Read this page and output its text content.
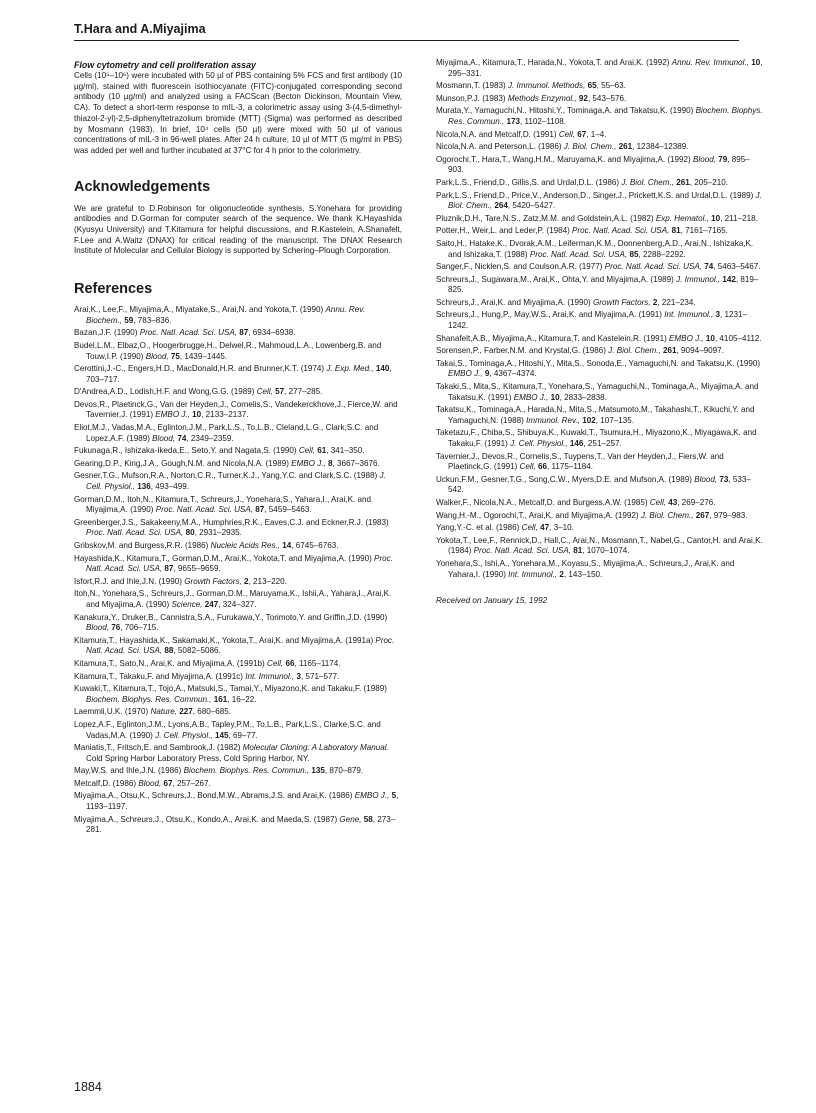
T.Hara and A.Miyajima
Flow cytometry and cell proliferation assay

Cells (10⁵–10⁶) were incubated with 50 µl of PBS containing 5% FCS and first antibody (10 µg/ml), stained with fluorescein isothiocyanate (FITC)-conjugated corresponding second antibody (10 µg/ml) and analyzed using a FACScan (Becton Dickinson, Mountain View, CA). To detect a short-term response to mIL-3, a colorimetric assay using 3-(4,5-dimethyl-thiazol-2-yl)-2,5-diphenyltetrazolium bromide (MTT) (Sigma) was performed as described by Mosmann (1983). In brief, 10⁴ cells (50 µl) were mixed with 50 µl of various concentrations of mIL-3 in 96-well plates. After 24 h culture, 10 µl of MTT (5 mg/ml in PBS) was added per well and further incubated at 37°C for 4 h prior to the colorimetry.

Acknowledgements

We are grateful to D.Robinson for oligonucleotide synthesis, S.Yonehara for providing antibodies and D.Gorman for computer search of the sequence. We thank K.Hayashida (Kyusyu University) and T.Kitamura for helpful discussions, and R.Kastelein, A.Shanafelt, F.Lee and A.Waitz (DNAX) for critical reading of the manuscript. The DNAX Research Institute of Molecular and Cellular Biology is supported by Schering–Plough Corporation.

References
Arai,K., Lee,F., Miyajima,A., Miyatake,S., Arai,N. and Yokota,T. (1990) Annu. Rev. Biochem., 59, 783–836.
Bazan,J.F. (1990) Proc. Natl. Acad. Sci. USA, 87, 6934–6938.
Budel,L.M., Elbaz,O., Hoogerbrugge,H., Delwel,R., Mahmoud,L.A., Lowenberg,B. and Touw,I.P. (1990) Blood, 75, 1439–1445.
Cerottini,J.-C., Engers,H.D., MacDonald,H.R. and Brunner,K.T. (1974) J. Exp. Med., 140, 703–717.
D'Andrea,A.D., Lodish,H.F. and Wong,G.G. (1989) Cell, 57, 277–285.
Devos,R., Plaetinck,G., Van der Heyden,J., Cornelis,S., Vandekerckhove,J., Fierce,W. and Tavernier,J. (1991) EMBO J., 10, 2133–2137.
Eliot,M.J., Vadas,M.A., Eglinton,J.M., Park,L.S., To,L.B., Cleland,L.G., Clark,S.C. and Lopez,A.F. (1989) Blood, 74, 2349–2359.
Fukunaga,R., Ishizaka-Ikeda,E., Seto,Y. and Nagata,S. (1990) Cell, 61, 341–350.
Gearing,D.P., King,J.A., Gough,N.M. and Nicola,N.A. (1989) EMBO J., 8, 3667–3676.
Gesner,T.G., Mufson,R.A., Norton,C.R., Turner,K.J., Yang,Y.C. and Clark,S.C. (1988) J. Cell. Physiol., 136, 493–499.
Gorman,D.M., Itoh,N., Kitamura,T., Schreurs,J., Yonehara,S., Yahara,I., Arai,K. and Miyajima,A. (1990) Proc. Natl. Acad. Sci. USA, 87, 5459–5463.
Greenberger,J.S., Sakakeeny,M.A., Humphries,R.K., Eaves,C.J. and Eckner,R.J. (1983) Proc. Natl. Acad. Sci. USA, 80, 2931–2935.
Gribskov,M. and Burgess,R.R. (1986) Nucleic Acids Res., 14, 6745–6763.
Hayashida,K., Kitamura,T., Gorman,D.M., Arai,K., Yokota,T. and Miyajima,A. (1990) Proc. Natl. Acad. Sci. USA, 87, 9655–9659.
Isfort,R.J. and Ihle,J.N. (1990) Growth Factors, 2, 213–220.
Itoh,N., Yonehara,S., Schreurs,J., Gorman,D.M., Maruyama,K., Ishii,A., Yahara,I., Arai,K. and Miyajima,A. (1990) Science, 247, 324–327.
Kanakura,Y., Druker,B., Cannistra,S.A., Furukawa,Y., Torimoto,Y. and Griffin,J.D. (1990) Blood, 76, 706–715.
Kitamura,T., Hayashida,K., Sakamaki,K., Yokota,T., Arai,K. and Miyajima,A. (1991a) Proc. Natl. Acad. Sci. USA, 88, 5082–5086.
Kitamura,T., Sato,N., Arai,K. and Miyajima,A. (1991b) Cell, 66, 1165–1174.
Kitamura,T., Takaku,F. and Miyajima,A. (1991c) Int. Immunol., 3, 571–577.
Kuwaki,T., Kitamura,T., Tojo,A., Matsuki,S., Tamai,Y., Miyazono,K. and Takaku,F. (1989) Biochem. Biophys. Res. Commun., 161, 16–22.
Laemmli,U.K. (1970) Nature, 227, 680–685.
Lopez,A.F., Eglinton,J.M., Lyons,A.B., Tapley,P.M., To,L.B., Park,L.S., Clarke,S.C. and Vadas,M.A. (1990) J. Cell. Physiol., 145, 69–77.
Maniatis,T., Fritsch,E. and Sambrook,J. (1982) Molecular Cloning: A Laboratory Manual. Cold Spring Harbor Laboratory Press, Cold Spring Harbor, NY.
May,W.S. and Ihle,J.N. (1986) Biochem. Biophys. Res. Commun., 135, 870–879.
Metcalf,D. (1986) Blood, 67, 257–267.
Miyajima,A., Otsu,K., Schreurs,J., Bond,M.W., Abrams,J.S. and Arai,K. (1986) EMBO J., 5, 1193–1197.
Miyajima,A., Schreurs,J., Otsu,K., Kondo,A., Arai,K. and Maeda,S. (1987) Gene, 58, 273–281.
Miyajima,A., Kitamura,T., Harada,N., Yokota,T. and Arai,K. (1992) Annu. Rev. Immunol., 10, 295–331.
Mosmann,T. (1983) J. Immunol. Methods, 65, 55–63.
Munson,P.J. (1983) Methods Enzymol., 92, 543–576.
Murata,Y., Yamaguchi,N., Hitoshi,Y., Tominaga,A. and Takatsu,K. (1990) Biochem. Biophys. Res. Commun., 173, 1102–1108.
Nicola,N.A. and Metcalf,D. (1991) Cell, 67, 1–4.
Nicola,N.A. and Peterson,L. (1986) J. Biol. Chem., 261, 12384–12389.
Ogorochi,T., Hara,T., Wang,H.M., Maruyama,K. and Miyajima,A. (1992) Blood, 79, 895–903.
Park,L.S., Friend,D., Gillis,S. and Urdal,D.L. (1986) J. Biol. Chem., 261, 205–210.
Park,L.S., Friend,D., Price,V., Anderson,D., Singer,J., Prickett,K.S. and Urdal,D.L. (1989) J. Biol. Chem., 264, 5420–5427.
Pluznik,D.H., Tare,N.S., Zatz,M.M. and Goldstein,A.L. (1982) Exp. Hematol., 10, 211–218.
Potter,H., Weir,L. and Leder,P. (1984) Proc. Natl. Acad. Sci. USA, 81, 7161–7165.
Saito,H., Hatake,K., Dvorak,A.M., Leiferman,K.M., Donnenberg,A.D., Arai,N., Ishizaka,K. and Ishizaka,T. (1988) Proc. Natl. Acad. Sci. USA, 85, 2288–2292.
Sanger,F., Nicklen,S. and Coulson,A.R. (1977) Proc. Natl. Acad. Sci. USA, 74, 5463–5467.
Schreurs,J., Sugawara,M., Arai,K., Ohta,Y. and Miyajima,A. (1989) J. Immunol., 142, 819–825.
Schreurs,J., Arai,K. and Miyajima,A. (1990) Growth Factors, 2, 221–234.
Schreurs,J., Hung,P., May,W.S., Arai,K. and Miyajima,A. (1991) Int. Immunol., 3, 1231–1242.
Shanafelt,A.B., Miyajima,A., Kitamura,T. and Kastelein,R. (1991) EMBO J., 10, 4105–4112.
Sorensen,P., Farber,N.M. and Krystal,G. (1986) J. Biol. Chem., 261, 9094–9097.
Takai,S., Tominaga,A., Hitoshi,Y., Mita,S., Sonoda,E., Yamaguchi,N. and Takatsu,K. (1990) EMBO J., 9, 4367–4374.
Takaki,S., Mita,S., Kitamura,T., Yonehara,S., Yamaguchi,N., Tominaga,A., Miyajima,A. and Takatsu,K. (1991) EMBO J., 10, 2833–2838.
Takatsu,K., Tominaga,A., Harada,N., Mita,S., Matsumoto,M., Takahashi,T., Kikuchi,Y. and Yamaguchi,N. (1988) Immunol. Rev., 102, 107–135.
Taketazu,F., Chiba,S., Shibuya,K., Kuwaki,T., Tsumura,H., Miyazono,K., Miyagawa,K. and Takaku,F. (1991) J. Cell. Physiol., 146, 251–257.
Tavernier,J., Devos,R., Cornelis,S., Tuypens,T., Van der Heyden,J., Fiers,W. and Plaetinck,G. (1991) Cell, 66, 1175–1184.
Uckun,F.M., Gesner,T.G., Song,C.W., Myers,D.E. and Mufson,A. (1989) Blood, 73, 533–542.
Walker,F., Nicola,N.A., Metcalf,D. and Burgess,A.W. (1985) Cell, 43, 269–276.
Wang,H.-M., Ogorochi,T., Arai,K. and Miyajima,A. (1992) J. Biol. Chem., 267, 979–983.
Yang,Y.-C. et al. (1986) Cell, 47, 3–10.
Yokota,T., Lee,F., Rennick,D., Hall,C., Arai,N., Mosmann,T., Nabel,G., Cantor,H. and Arai,K. (1984) Proc. Natl. Acad. Sci. USA, 81, 1070–1074.
Yonehara,S., Ishi,A., Yonehara,M., Koyasu,S., Miyajima,A., Schreurs,J., Arai,K. and Yahara,I. (1990) Int. Immunol., 2, 143–150.
Received on January 15, 1992
1884
